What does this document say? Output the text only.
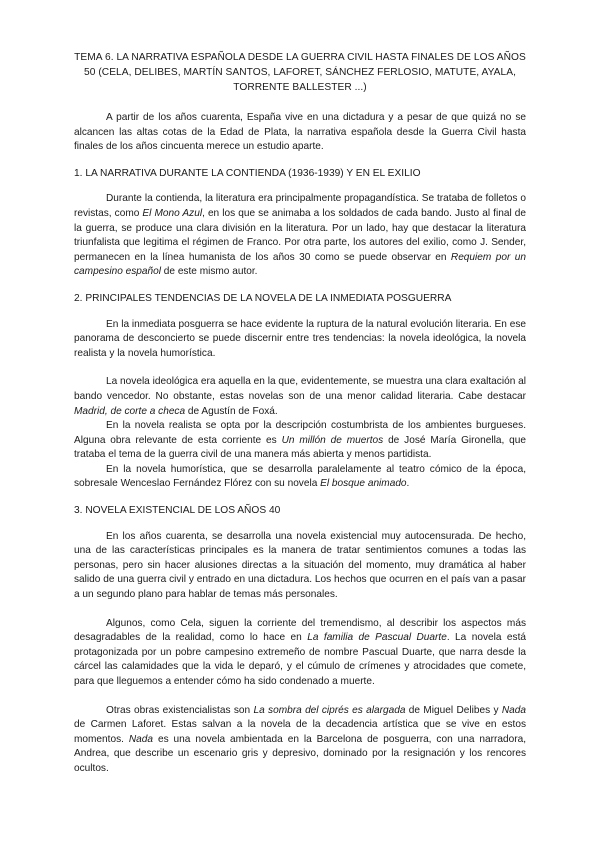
TEMA 6. LA NARRATIVA ESPAÑOLA DESDE LA GUERRA CIVIL HASTA FINALES DE LOS AÑOS 50 (CELA, DELIBES, MARTÍN SANTOS, LAFORET, SÁNCHEZ FERLOSIO, MATUTE, AYALA, TORRENTE BALLESTER ...)

A partir de los años cuarenta, España vive en una dictadura y a pesar de que quizá no se alcancen las altas cotas de la Edad de Plata, la narrativa española desde la Guerra Civil hasta finales de los años cincuenta merece un estudio aparte.

1. LA NARRATIVA DURANTE LA CONTIENDA (1936-1939) Y EN EL EXILIO

Durante la contienda, la literatura era principalmente propagandística. Se trataba de folletos o revistas, como El Mono Azul, en los que se animaba a los soldados de cada bando. Justo al final de la guerra, se produce una clara división en la literatura. Por un lado, hay que destacar la literatura triunfalista que legitima el régimen de Franco. Por otra parte, los autores del exilio, como J. Sender, permanecen en la línea humanista de los años 30 como se puede observar en Requiem por un campesino español de este mismo autor.

2. PRINCIPALES TENDENCIAS DE LA NOVELA DE LA INMEDIATA POSGUERRA

En la inmediata posguerra se hace evidente la ruptura de la natural evolución literaria. En ese panorama de desconcierto se puede discernir entre tres tendencias: la novela ideológica, la novela realista y la novela humorística.

La novela ideológica era aquella en la que, evidentemente, se muestra una clara exaltación al bando vencedor. No obstante, estas novelas son de una menor calidad literaria. Cabe destacar Madrid, de corte a checa de Agustín de Foxá.

En la novela realista se opta por la descripción costumbrista de los ambientes burgueses. Alguna obra relevante de esta corriente es Un millón de muertos de José María Gironella, que trataba el tema de la guerra civil de una manera más abierta y menos partidista.

En la novela humorística, que se desarrolla paralelamente al teatro cómico de la época, sobresale Wenceslao Fernández Flórez con su novela El bosque animado.

3. NOVELA EXISTENCIAL DE LOS AÑOS 40

En los años cuarenta, se desarrolla una novela existencial muy autocensurada. De hecho, una de las características principales es la manera de tratar sentimientos comunes a todas las personas, pero sin hacer alusiones directas a la situación del momento, muy dramática al haber salido de una guerra civil y entrado en una dictadura. Los hechos que ocurren en el país van a pasar a un segundo plano para hablar de temas más personales.

Algunos, como Cela, siguen la corriente del tremendismo, al describir los aspectos más desagradables de la realidad, como lo hace en La familia de Pascual Duarte. La novela está protagonizada por un pobre campesino extremeño de nombre Pascual Duarte, que narra desde la cárcel las calamidades que la vida le deparó, y el cúmulo de crímenes y atrocidades que comete, para que lleguemos a entender cómo ha sido condenado a muerte.

Otras obras existencialistas son La sombra del ciprés es alargada de Miguel Delibes y Nada de Carmen Laforet. Estas salvan a la novela de la decadencia artística que se vive en estos momentos. Nada es una novela ambientada en la Barcelona de posguerra, con una narradora, Andrea, que describe un escenario gris y depresivo, dominado por la resignación y los rencores ocultos.
